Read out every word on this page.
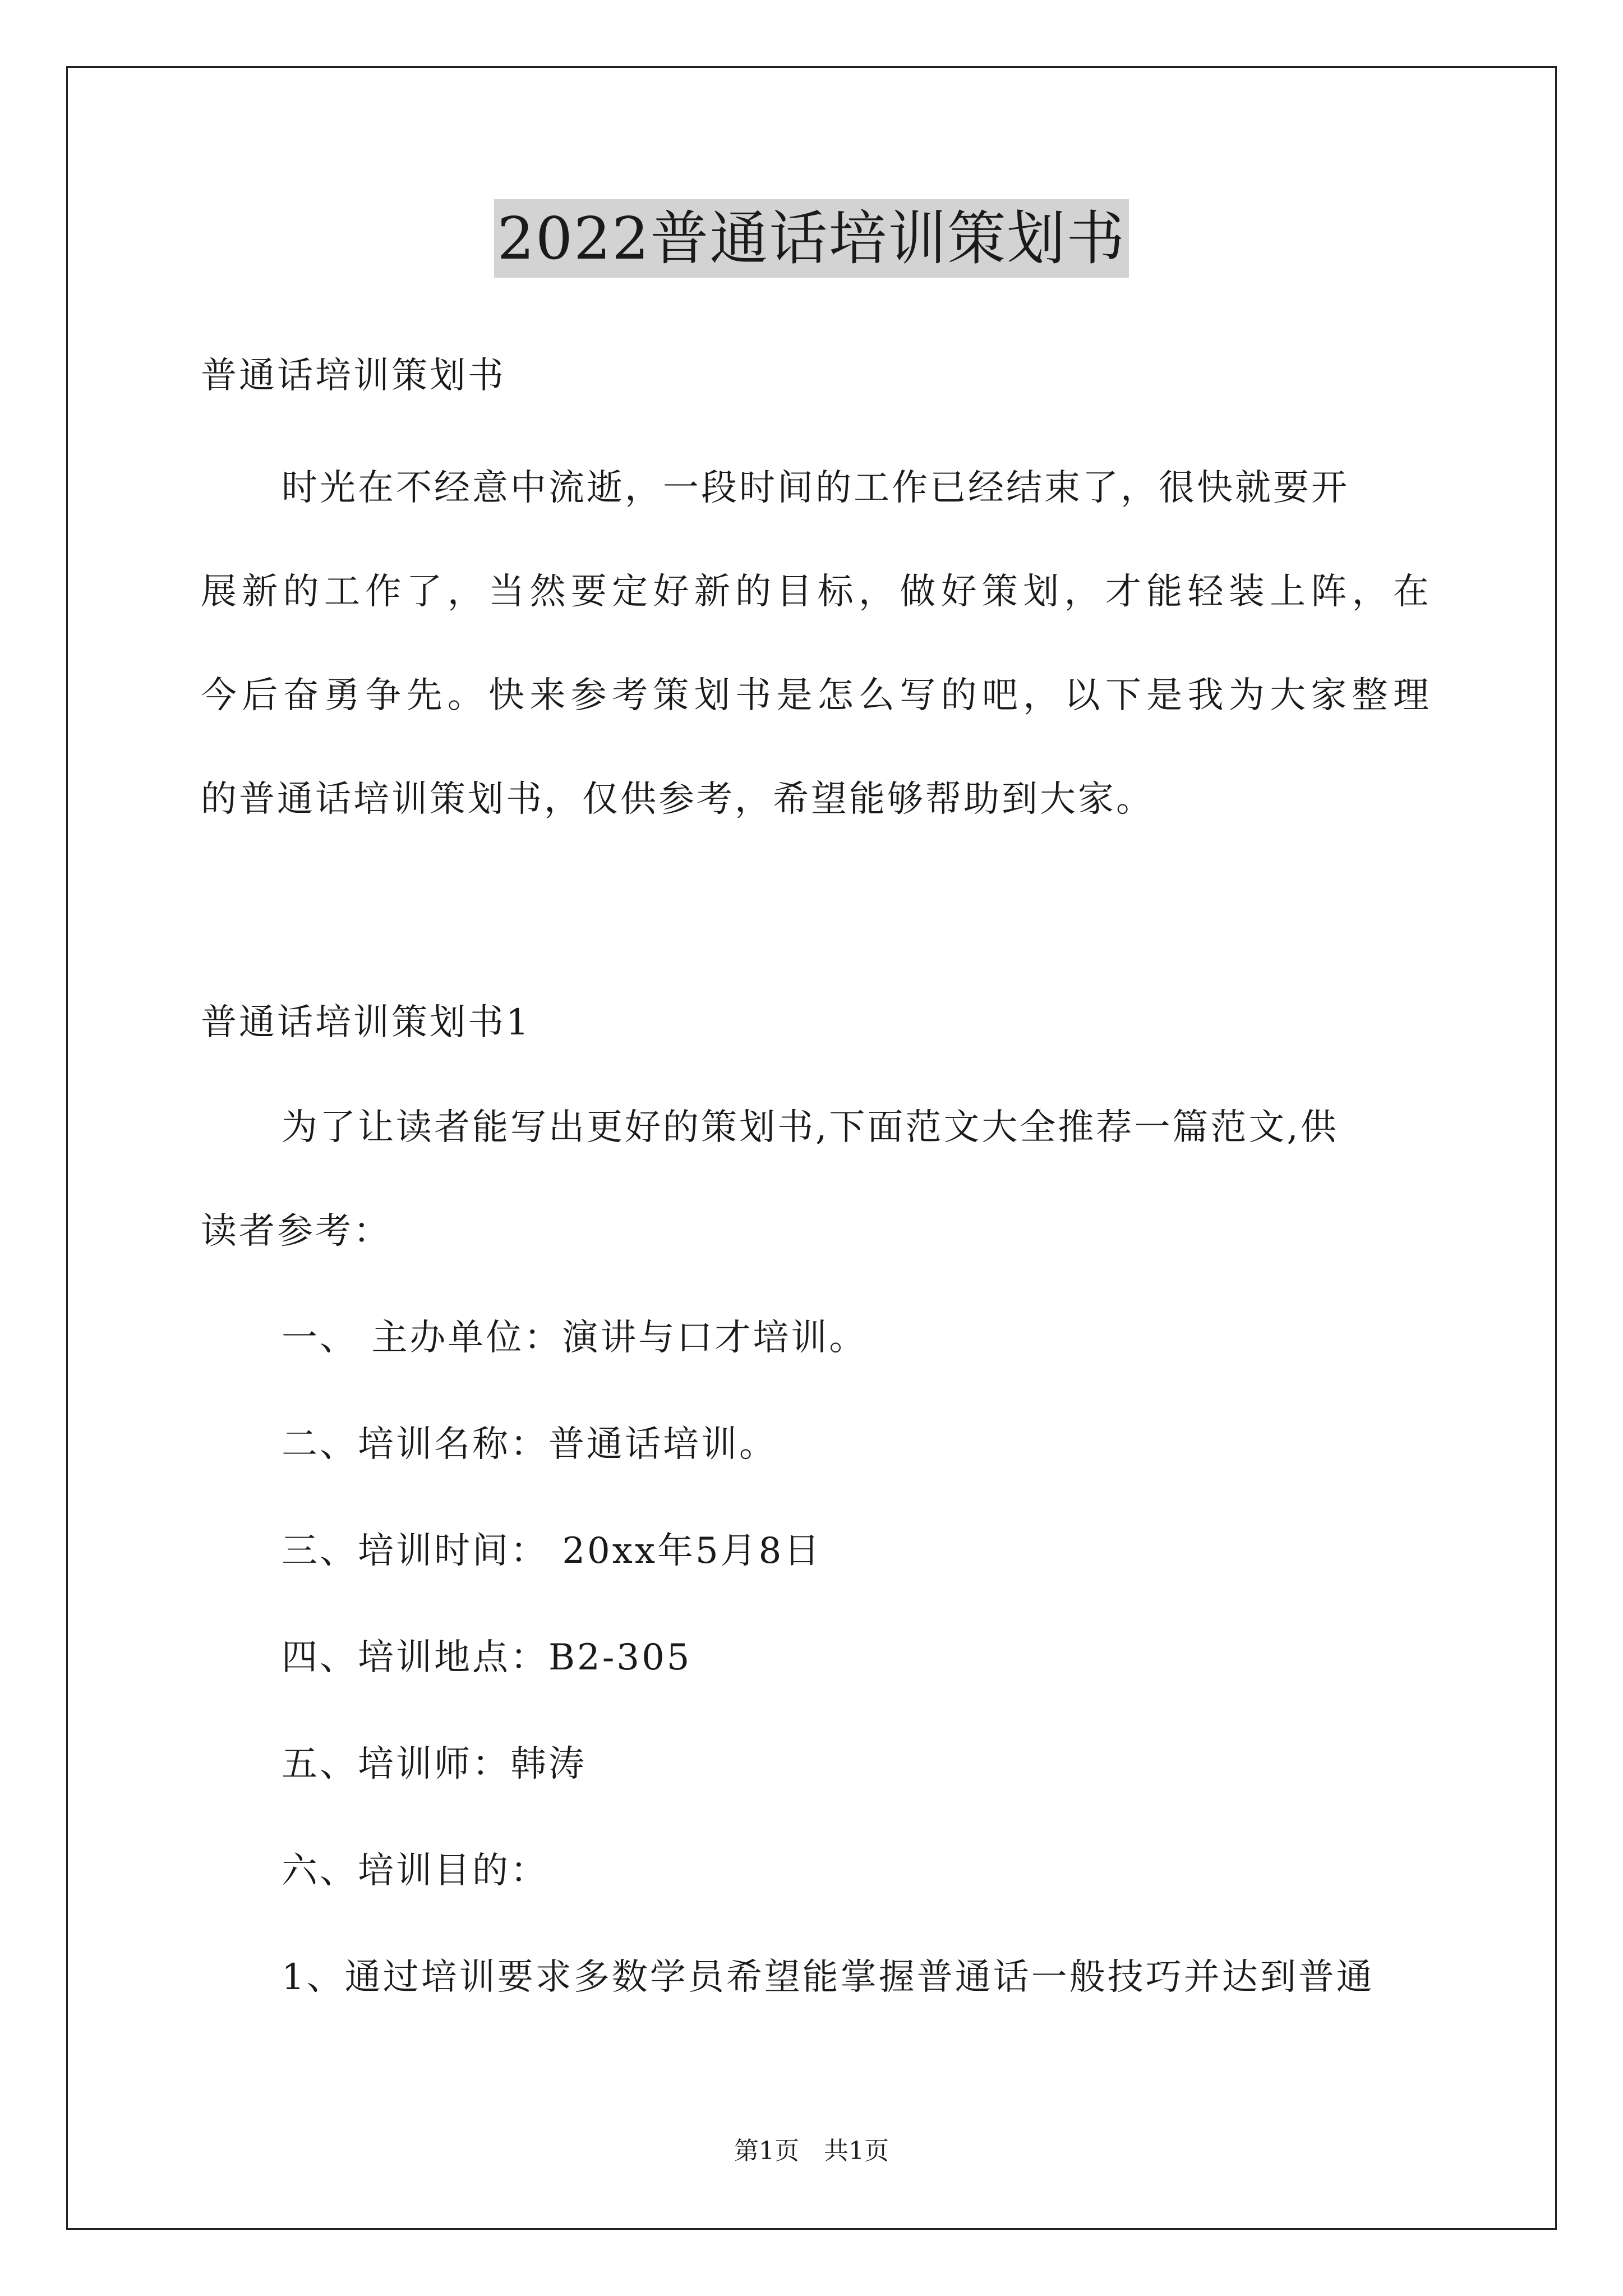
2022普通话培训策划书
普通话培训策划书
时光在不经意中流逝，一段时间的工作已经结束了，很快就要开
展新的工作了，当然要定好新的目标，做好策划，才能轻装上阵，在
今后奋勇争先。快来参考策划书是怎么写的吧，以下是我为大家整理
的普通话培训策划书，仅供参考，希望能够帮助到大家。
普通话培训策划书1
为了让读者能写出更好的策划书,下面范文大全推荐一篇范文,供
读者参考：
一、 主办单位：演讲与口才培训。
二、培训名称：普通话培训。
三、培训时间： 20xx年5月8日
四、培训地点：B2-305
五、培训师：韩涛
六、培训目的：
1、通过培训要求多数学员希望能掌握普通话一般技巧并达到普通
第1页 共1页
